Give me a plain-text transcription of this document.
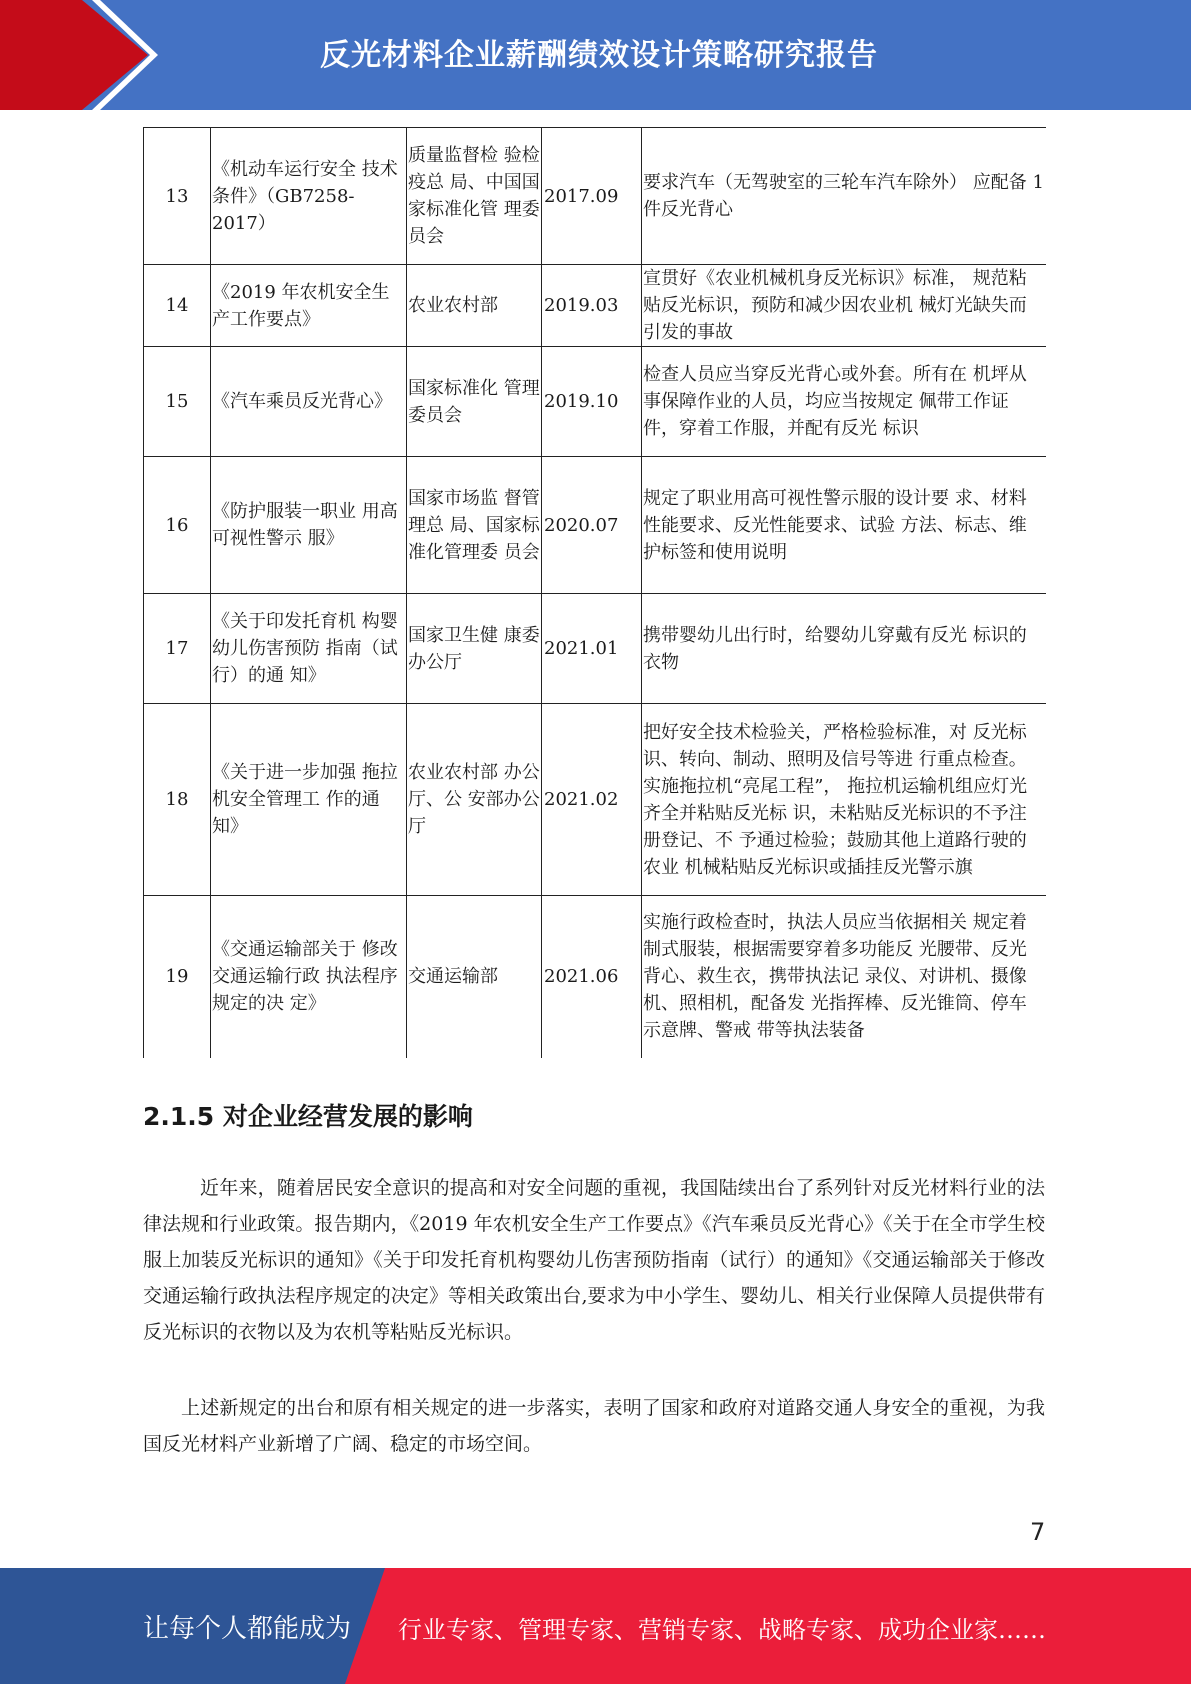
反光材料企业薪酬绩效设计策略研究报告
13	《机动车运行安全 技术条件》（GB7258-2017）	质量监督检 验检疫总 局、中国国 家标准化管 理委员会	2017.09	要求汽车（无驾驶室的三轮车汽车除外） 应配备 1 件反光背心

14	《2019 年农机安全生产工作要点》	农业农村部	2019.03	宣贯好《农业机械机身反光标识》标准， 规范粘贴反光标识，预防和减少因农业机 械灯光缺失而引发的事故

15	《汽车乘员反光背心》	国家标准化 管理委员会	2019.10	检查人员应当穿反光背心或外套。所有在 机坪从事保障作业的人员，均应当按规定 佩带工作证件，穿着工作服，并配有反光 标识

16	《防护服装一职业 用高可视性警示 服》	国家市场监 督管理总 局、国家标 准化管理委 员会	2020.07	规定了职业用高可视性警示服的设计要 求、材料性能要求、反光性能要求、试验 方法、标志、维护标签和使用说明

17	《关于印发托育机 构婴幼儿伤害预防 指南（试行）的通 知》	国家卫生健 康委办公厅	2021.01	携带婴幼儿出行时，给婴幼儿穿戴有反光 标识的衣物

18	《关于进一步加强 拖拉机安全管理工 作的通知》	农业农村部 办公厅、公 安部办公厅	2021.02	把好安全技术检验关，严格检验标准，对 反光标识、转向、制动、照明及信号等进 行重点检查。实施拖拉机“亮尾工程”， 拖拉机运输机组应灯光齐全并粘贴反光标 识，未粘贴反光标识的不予注册登记、不 予通过检验；鼓励其他上道路行驶的农业 机械粘贴反光标识或插挂反光警示旗

19	《交通运输部关于 修改交通运输行政 执法程序规定的决 定》	交通运输部	2021.06	实施行政检查时，执法人员应当依据相关 规定着制式服装，根据需要穿着多功能反 光腰带、反光背心、救生衣，携带执法记 录仪、对讲机、摄像机、照相机，配备发 光指挥棒、反光锥筒、停车示意牌、警戒 带等执法装备
2.1.5 对企业经营发展的影响

近年来，随着居民安全意识的提高和对安全问题的重视，我国陆续出台了系列针对反光材料行业的法律法规和行业政策。报告期内，《2019 年农机安全生产工作要点》《汽车乘员反光背心》《关于在全市学生校服上加装反光标识的通知》《关于印发托育机构婴幼儿伤害预防指南（试行）的通知》《交通运输部关于修改交通运输行政执法程序规定的决定》等相关政策出台,要求为中小学生、婴幼儿、相关行业保障人员提供带有反光标识的衣物以及为农机等粘贴反光标识。

上述新规定的出台和原有相关规定的进一步落实，表明了国家和政府对道路交通人身安全的重视，为我国反光材料产业新增了广阔、稳定的市场空间。

7
让每个人都能成为 行业专家、管理专家、营销专家、战略专家、成功企业家……
